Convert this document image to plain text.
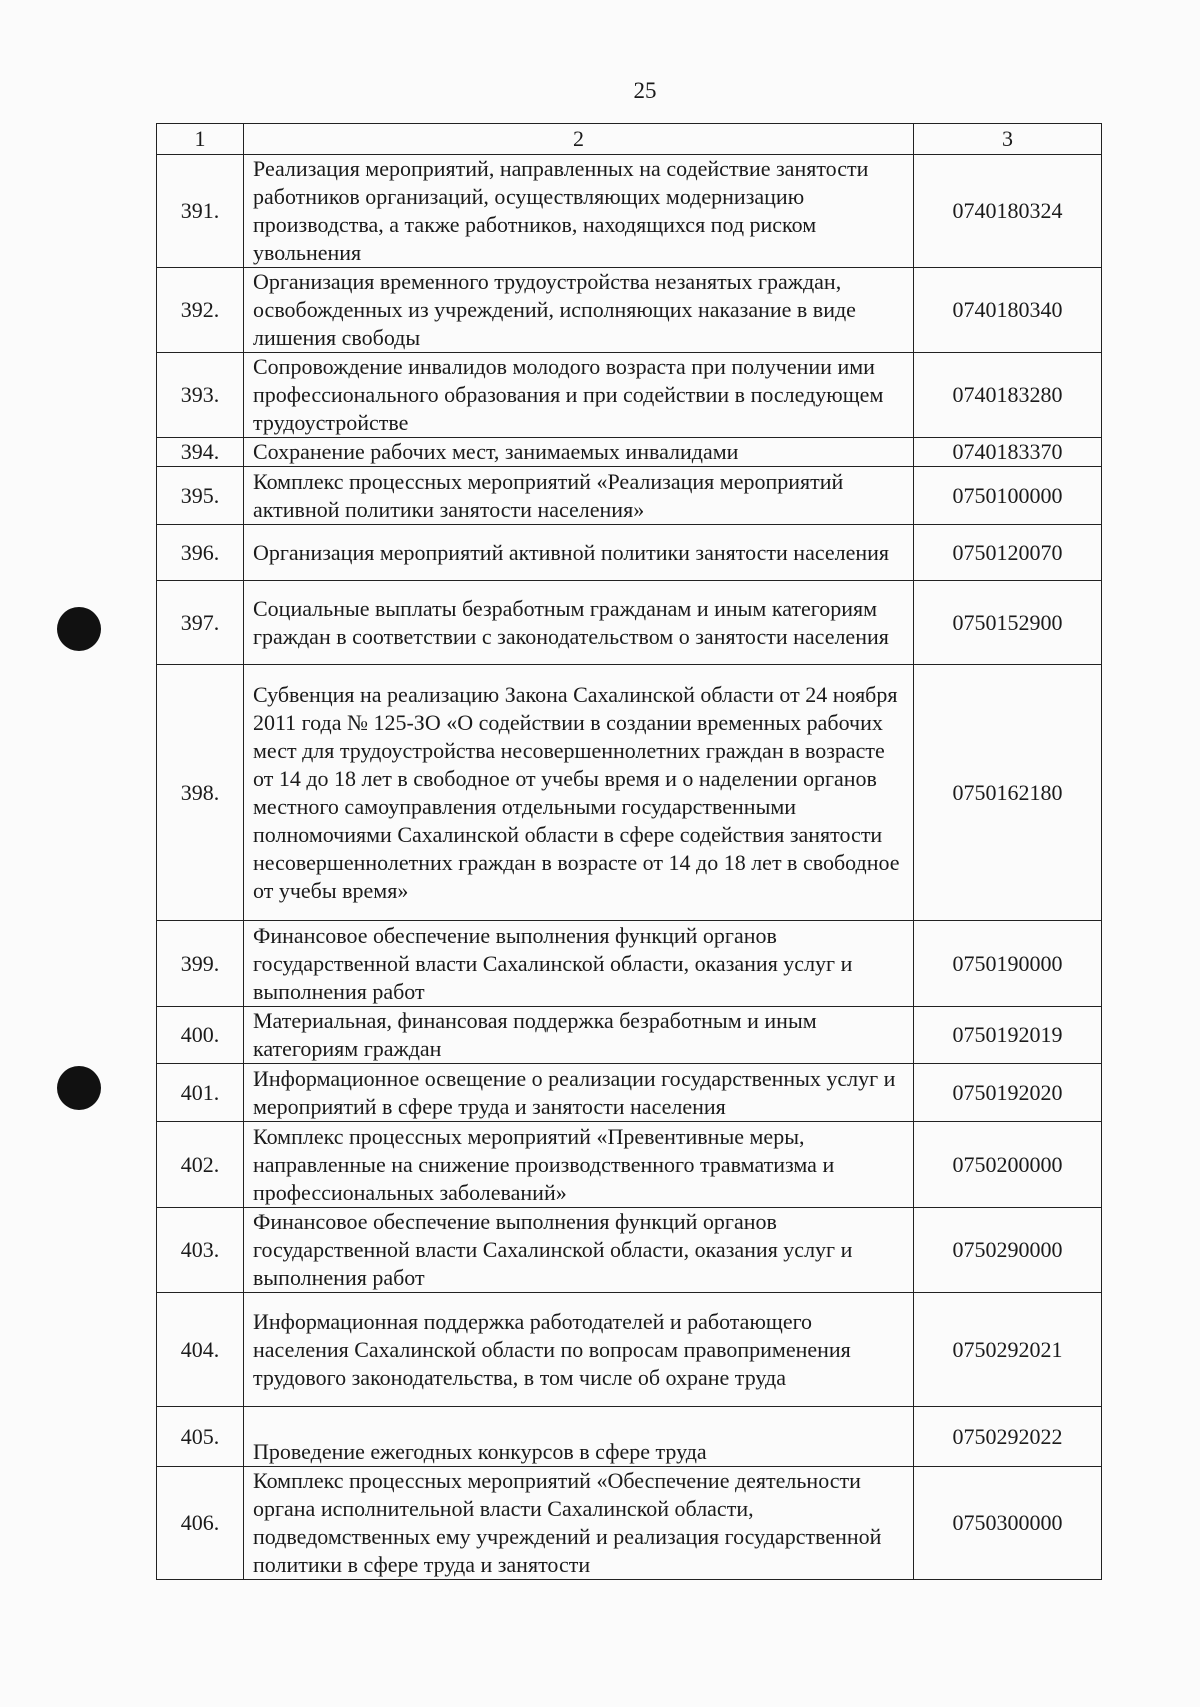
25
1	2	3
391.	Реализация мероприятий, направленных на содействие занятости работников организаций, осуществляющих модернизацию производства, а также работников, находящихся под риском увольнения	0740180324
392.	Организация временного трудоустройства незанятых граждан, освобожденных из учреждений, исполняющих наказание в виде лишения свободы	0740180340
393.	Сопровождение инвалидов молодого возраста при получении ими профессионального образования и при содействии в последующем трудоустройстве	0740183280
394.	Сохранение рабочих мест, занимаемых инвалидами	0740183370
395.	Комплекс процессных мероприятий «Реализация мероприятий активной политики занятости населения»	0750100000
396.	Организация мероприятий активной политики занятости населения	0750120070
397.	Социальные выплаты безработным гражданам и иным категориям граждан в соответствии с законодательством о занятости населения	0750152900
398.	Субвенция на реализацию Закона Сахалинской области от 24 ноября 2011 года № 125-ЗО «О содействии в создании временных рабочих мест для трудоустройства несовершеннолетних граждан в возрасте от 14 до 18 лет в свободное от учебы время и о наделении органов местного самоуправления отдельными государственными полномочиями Сахалинской области в сфере содействия занятости несовершеннолетних граждан в возрасте от 14 до 18 лет в свободное от учебы время»	0750162180
399.	Финансовое обеспечение выполнения функций органов государственной власти Сахалинской области, оказания услуг и выполнения работ	0750190000
400.	Материальная, финансовая поддержка безработным и иным категориям граждан	0750192019
401.	Информационное освещение о реализации государственных услуг и мероприятий в сфере труда и занятости населения	0750192020
402.	Комплекс процессных мероприятий «Превентивные меры, направленные на снижение производственного травматизма и профессиональных заболеваний»	0750200000
403.	Финансовое обеспечение выполнения функций органов государственной власти Сахалинской области, оказания услуг и выполнения работ	0750290000
404.	Информационная поддержка работодателей и работающего населения Сахалинской области по вопросам правоприменения трудового законодательства, в том числе об охране труда	0750292021
405.	Проведение ежегодных конкурсов в сфере труда	0750292022
406.	Комплекс процессных мероприятий «Обеспечение деятельности органа исполнительной власти Сахалинской области, подведомственных ему учреждений и реализация государственной политики в сфере труда и занятости	0750300000
